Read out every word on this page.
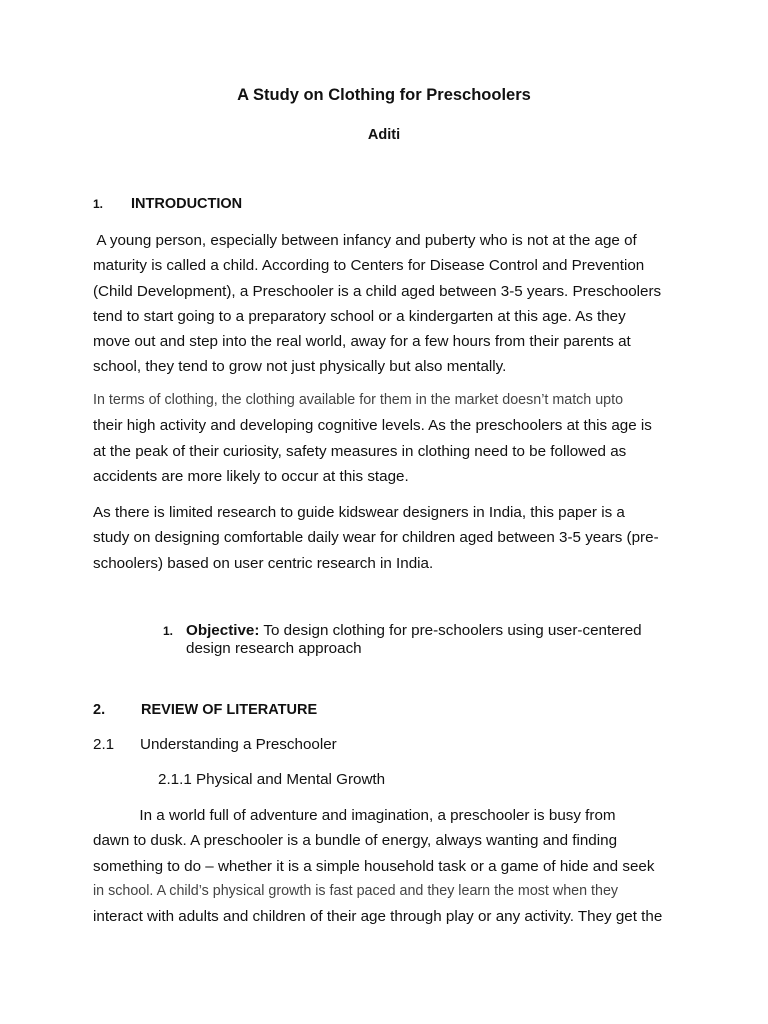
A Study on Clothing for Preschoolers
Aditi
1. INTRODUCTION
A young person, especially between infancy and puberty who is not at the age of
maturity is called a child. According to Centers for Disease Control and Prevention
(Child Development), a Preschooler is a child aged between 3-5 years. Preschoolers
tend to start going to a preparatory school or a kindergarten at this age. As they
move out and step into the real world, away for a few hours from their parents at
school, they tend to grow not just physically but also mentally.
In terms of clothing, the clothing available for them in the market doesn’t match upto
their high activity and developing cognitive levels. As the preschoolers at this age is
at the peak of their curiosity, safety measures in clothing need to be followed as
accidents are more likely to occur at this stage.
As there is limited research to guide kidswear designers in India, this paper is a
study on designing comfortable daily wear for children aged between 3-5 years (pre-
schoolers) based on user centric research in India.
1. Objective: To design clothing for pre-schoolers using user-centered
design research approach
2. REVIEW OF LITERATURE
2.1 Understanding a Preschooler
2.1.1 Physical and Mental Growth
In a world full of adventure and imagination, a preschooler is busy from
dawn to dusk. A preschooler is a bundle of energy, always wanting and finding
something to do – whether it is a simple household task or a game of hide and seek
in school. A child’s physical growth is fast paced and they learn the most when they
interact with adults and children of their age through play or any activity. They get the
